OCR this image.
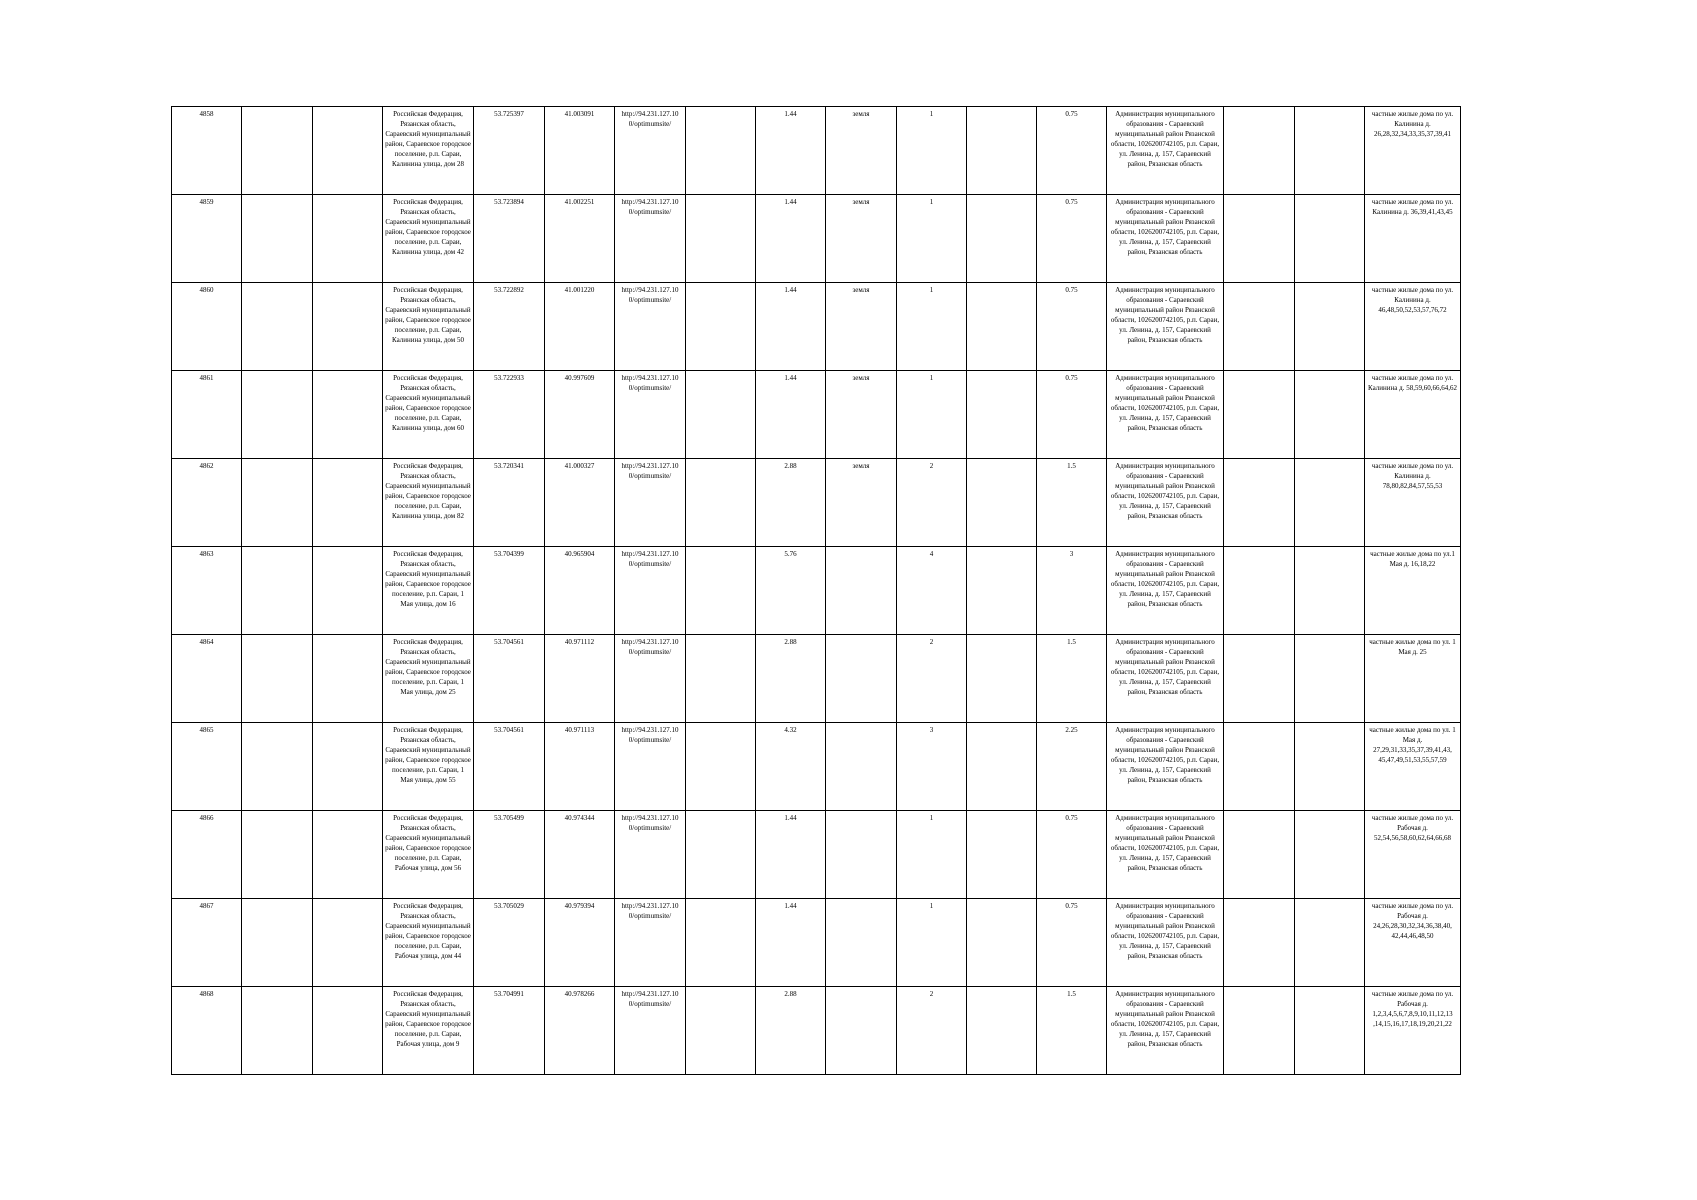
4858			Российская Федерация, Рязанская область, Сараевский муниципальный район, Сараевское городское поселение, р.п. Сараи, Калинина улица, дом 28	53.725397	41.003091	http://94.231.127.10 0/optimumsite/		1.44	земля	1		0.75	Администрация муниципального образования - Сараевский муниципальный район Рязанской области, 1026200742105, р.п. Сараи, ул. Ленина, д. 157, Сараевский район, Рязанская область			частные жилые дома по ул. Калинина д. 26,28,32,34,33,35,37,39,41
4859			Российская Федерация, Рязанская область, Сараевский муниципальный район, Сараевское городское поселение, р.п. Сараи, Калинина улица, дом 42	53.723894	41.002251	http://94.231.127.10 0/optimumsite/		1.44	земля	1		0.75	Администрация муниципального образования - Сараевский муниципальный район Рязанской области, 1026200742105, р.п. Сараи, ул. Ленина, д. 157, Сараевский район, Рязанская область			частные жилые дома по ул. Калинина д. 36,39,41,43,45
4860			Российская Федерация, Рязанская область, Сараевский муниципальный район, Сараевское городское поселение, р.п. Сараи, Калинина улица, дом 50	53.722892	41.001220	http://94.231.127.10 0/optimumsite/		1.44	земля	1		0.75	Администрация муниципального образования - Сараевский муниципальный район Рязанской области, 1026200742105, р.п. Сараи, ул. Ленина, д. 157, Сараевский район, Рязанская область			частные жилые дома по ул. Калинина д. 46,48,50,52,53,57,76,72
4861			Российская Федерация, Рязанская область, Сараевский муниципальный район, Сараевское городское поселение, р.п. Сараи, Калинина улица, дом 60	53.722933	40.997609	http://94.231.127.10 0/optimumsite/		1.44	земля	1		0.75	Администрация муниципального образования - Сараевский муниципальный район Рязанской области, 1026200742105, р.п. Сараи, ул. Ленина, д. 157, Сараевский район, Рязанская область			частные жилые дома по ул. Калинина д. 58,59,60,66,64,62
4862			Российская Федерация, Рязанская область, Сараевский муниципальный район, Сараевское городское поселение, р.п. Сараи, Калинина улица, дом 82	53.720341	41.000327	http://94.231.127.10 0/optimumsite/		2.88	земля	2		1.5	Администрация муниципального образования - Сараевский муниципальный район Рязанской области, 1026200742105, р.п. Сараи, ул. Ленина, д. 157, Сараевский район, Рязанская область			частные жилые дома по ул. Калинина д. 78,80,82,84,57,55,53
4863			Российская Федерация, Рязанская область, Сараевский муниципальный район, Сараевское городское поселение, р.п. Сараи, 1 Мая улица, дом 16	53.704399	40.965904	http://94.231.127.10 0/optimumsite/		5.76		4		3	Администрация муниципального образования - Сараевский муниципальный район Рязанской области, 1026200742105, р.п. Сараи, ул. Ленина, д. 157, Сараевский район, Рязанская область			частные жилые дома по ул.1 Мая д. 16,18,22
4864			Российская Федерация, Рязанская область, Сараевский муниципальный район, Сараевское городское поселение, р.п. Сараи, 1 Мая улица, дом 25	53.704561	40.971112	http://94.231.127.10 0/optimumsite/		2.88		2		1.5	Администрация муниципального образования - Сараевский муниципальный район Рязанской области, 1026200742105, р.п. Сараи, ул. Ленина, д. 157, Сараевский район, Рязанская область			частные жилые дома по ул. 1 Мая д. 25
4865			Российская Федерация, Рязанская область, Сараевский муниципальный район, Сараевское городское поселение, р.п. Сараи, 1 Мая улица, дом 55	53.704561	40.971113	http://94.231.127.10 0/optimumsite/		4.32		3		2.25	Администрация муниципального образования - Сараевский муниципальный район Рязанской области, 1026200742105, р.п. Сараи, ул. Ленина, д. 157, Сараевский район, Рязанская область			частные жилые дома по ул. 1 Мая д. 27,29,31,33,35,37,39,41,43, 45,47,49,51,53,55,57,59
4866			Российская Федерация, Рязанская область, Сараевский муниципальный район, Сараевское городское поселение, р.п. Сараи, Рабочая улица, дом 56	53.705499	40.974344	http://94.231.127.10 0/optimumsite/		1.44		1		0.75	Администрация муниципального образования - Сараевский муниципальный район Рязанской области, 1026200742105, р.п. Сараи, ул. Ленина, д. 157, Сараевский район, Рязанская область			частные жилые дома по ул. Рабочая д. 52,54,56,58,60,62,64,66,68
4867			Российская Федерация, Рязанская область, Сараевский муниципальный район, Сараевское городское поселение, р.п. Сараи, Рабочая улица, дом 44	53.705029	40.979394	http://94.231.127.10 0/optimumsite/		1.44		1		0.75	Администрация муниципального образования - Сараевский муниципальный район Рязанской области, 1026200742105, р.п. Сараи, ул. Ленина, д. 157, Сараевский район, Рязанская область			частные жилые дома по ул. Рабочая д. 24,26,28,30,32,34,36,38,40, 42,44,46,48,50
4868			Российская Федерация, Рязанская область, Сараевский муниципальный район, Сараевское городское поселение, р.п. Сараи, Рабочая улица, дом 9	53.704991	40.978266	http://94.231.127.10 0/optimumsite/		2.88		2		1.5	Администрация муниципального образования - Сараевский муниципальный район Рязанской области, 1026200742105, р.п. Сараи, ул. Ленина, д. 157, Сараевский район, Рязанская область			частные жилые дома по ул. Рабочая д. 1,2,3,4,5,6,7,8,9,10,11,12,13 ,14,15,16,17,18,19,20,21,22
